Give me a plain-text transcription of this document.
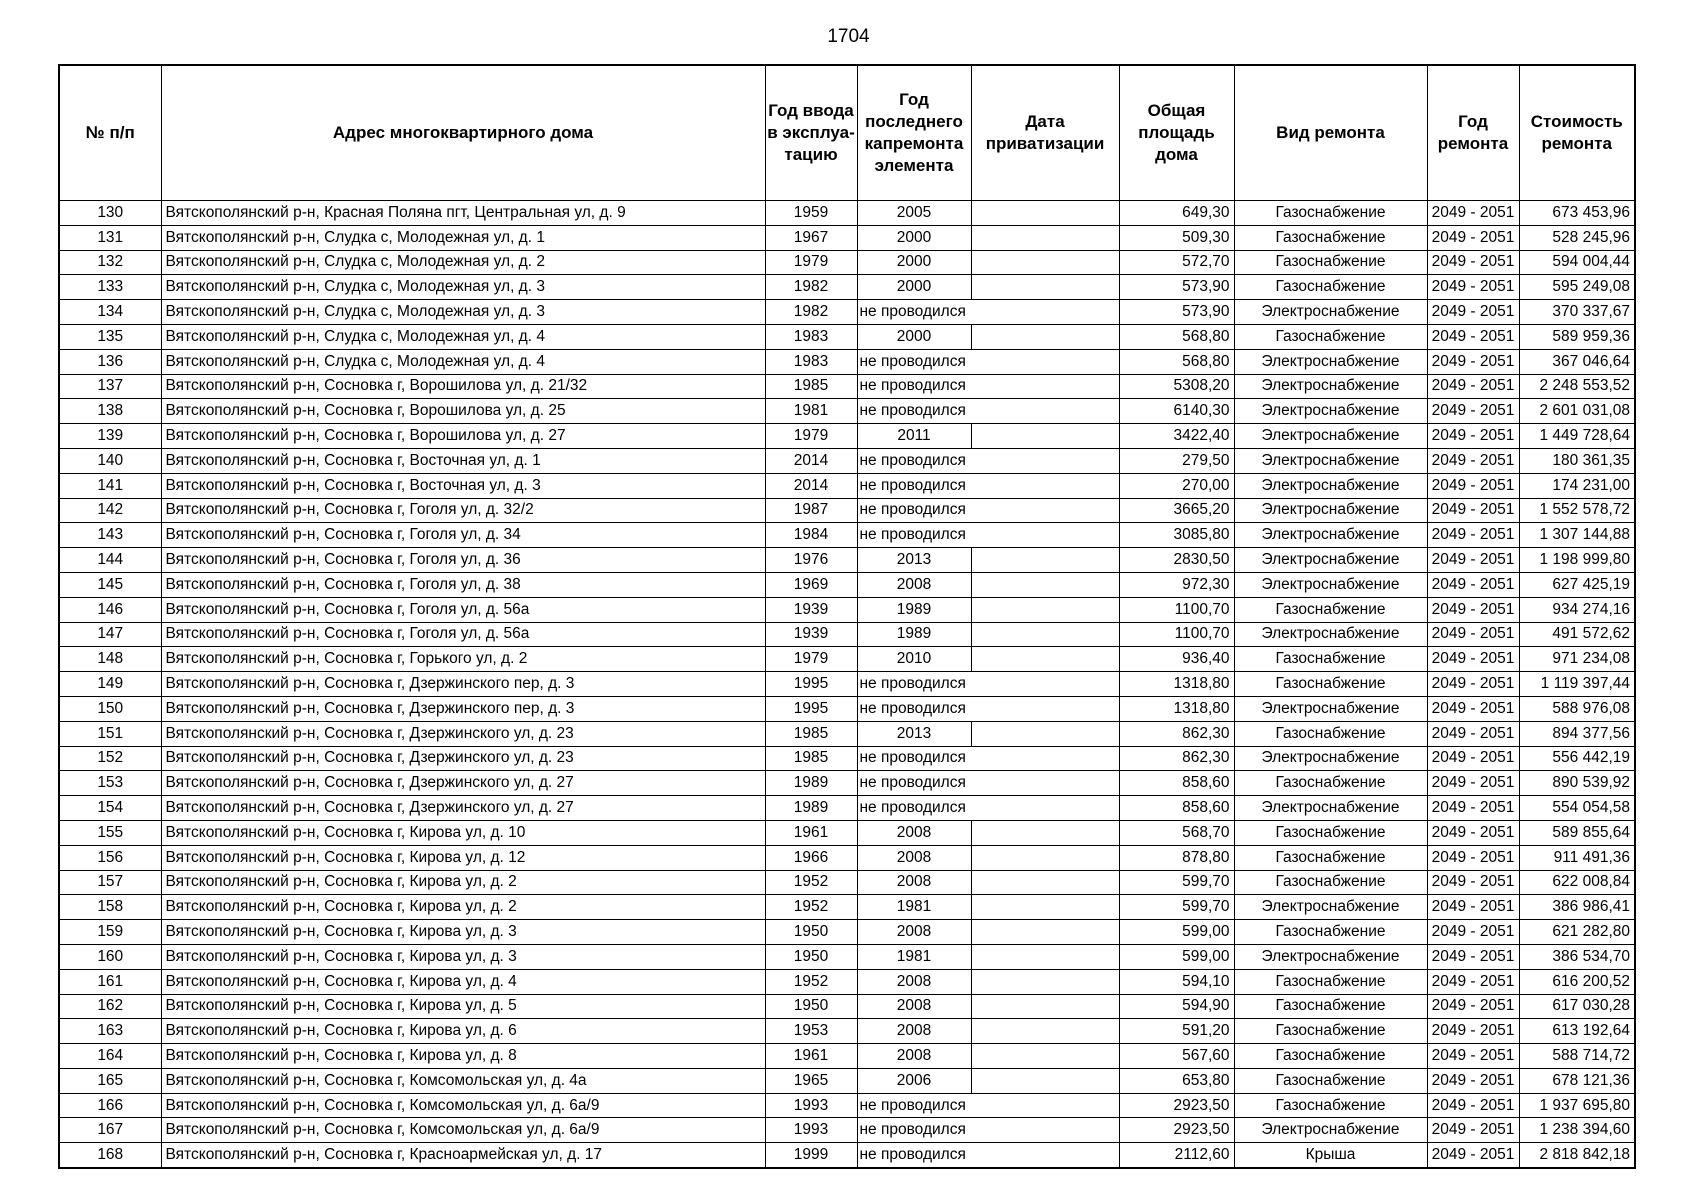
1704
№ п/п	Адрес многоквартирного дома	Год ввода в эксплуа-тацию	Год последнего капремонта элемента	Дата приватизации	Общая площадь дома	Вид ремонта	Год ремонта	Стоимость ремонта
130	Вятскополянский р-н, Красная Поляна пгт, Центральная ул, д. 9	1959	2005		649,30	Газоснабжение	2049 - 2051	673 453,96
131	Вятскополянский р-н, Слудка с, Молодежная ул, д. 1	1967	2000		509,30	Газоснабжение	2049 - 2051	528 245,96
132	Вятскополянский р-н, Слудка с, Молодежная ул, д. 2	1979	2000		572,70	Газоснабжение	2049 - 2051	594 004,44
133	Вятскополянский р-н, Слудка с, Молодежная ул, д. 3	1982	2000		573,90	Газоснабжение	2049 - 2051	595 249,08
134	Вятскополянский р-н, Слудка с, Молодежная ул, д. 3	1982	не проводился		573,90	Электроснабжение	2049 - 2051	370 337,67
135	Вятскополянский р-н, Слудка с, Молодежная ул, д. 4	1983	2000		568,80	Газоснабжение	2049 - 2051	589 959,36
136	Вятскополянский р-н, Слудка с, Молодежная ул, д. 4	1983	не проводился		568,80	Электроснабжение	2049 - 2051	367 046,64
137	Вятскополянский р-н, Сосновка г, Ворошилова ул, д. 21/32	1985	не проводился		5308,20	Электроснабжение	2049 - 2051	2 248 553,52
138	Вятскополянский р-н, Сосновка г, Ворошилова ул, д. 25	1981	не проводился		6140,30	Электроснабжение	2049 - 2051	2 601 031,08
139	Вятскополянский р-н, Сосновка г, Ворошилова ул, д. 27	1979	2011		3422,40	Электроснабжение	2049 - 2051	1 449 728,64
140	Вятскополянский р-н, Сосновка г, Восточная ул, д. 1	2014	не проводился		279,50	Электроснабжение	2049 - 2051	180 361,35
141	Вятскополянский р-н, Сосновка г, Восточная ул, д. 3	2014	не проводился		270,00	Электроснабжение	2049 - 2051	174 231,00
142	Вятскополянский р-н, Сосновка г, Гоголя ул, д. 32/2	1987	не проводился		3665,20	Электроснабжение	2049 - 2051	1 552 578,72
143	Вятскополянский р-н, Сосновка г, Гоголя ул, д. 34	1984	не проводился		3085,80	Электроснабжение	2049 - 2051	1 307 144,88
144	Вятскополянский р-н, Сосновка г, Гоголя ул, д. 36	1976	2013		2830,50	Электроснабжение	2049 - 2051	1 198 999,80
145	Вятскополянский р-н, Сосновка г, Гоголя ул, д. 38	1969	2008		972,30	Электроснабжение	2049 - 2051	627 425,19
146	Вятскополянский р-н, Сосновка г, Гоголя ул, д. 56а	1939	1989		1100,70	Газоснабжение	2049 - 2051	934 274,16
147	Вятскополянский р-н, Сосновка г, Гоголя ул, д. 56а	1939	1989		1100,70	Электроснабжение	2049 - 2051	491 572,62
148	Вятскополянский р-н, Сосновка г, Горького ул, д. 2	1979	2010		936,40	Газоснабжение	2049 - 2051	971 234,08
149	Вятскополянский р-н, Сосновка г, Дзержинского пер, д. 3	1995	не проводился		1318,80	Газоснабжение	2049 - 2051	1 119 397,44
150	Вятскополянский р-н, Сосновка г, Дзержинского пер, д. 3	1995	не проводился		1318,80	Электроснабжение	2049 - 2051	588 976,08
151	Вятскополянский р-н, Сосновка г, Дзержинского ул, д. 23	1985	2013		862,30	Газоснабжение	2049 - 2051	894 377,56
152	Вятскополянский р-н, Сосновка г, Дзержинского ул, д. 23	1985	не проводился		862,30	Электроснабжение	2049 - 2051	556 442,19
153	Вятскополянский р-н, Сосновка г, Дзержинского ул, д. 27	1989	не проводился		858,60	Газоснабжение	2049 - 2051	890 539,92
154	Вятскополянский р-н, Сосновка г, Дзержинского ул, д. 27	1989	не проводился		858,60	Электроснабжение	2049 - 2051	554 054,58
155	Вятскополянский р-н, Сосновка г, Кирова ул, д. 10	1961	2008		568,70	Газоснабжение	2049 - 2051	589 855,64
156	Вятскополянский р-н, Сосновка г, Кирова ул, д. 12	1966	2008		878,80	Газоснабжение	2049 - 2051	911 491,36
157	Вятскополянский р-н, Сосновка г, Кирова ул, д. 2	1952	2008		599,70	Газоснабжение	2049 - 2051	622 008,84
158	Вятскополянский р-н, Сосновка г, Кирова ул, д. 2	1952	1981		599,70	Электроснабжение	2049 - 2051	386 986,41
159	Вятскополянский р-н, Сосновка г, Кирова ул, д. 3	1950	2008		599,00	Газоснабжение	2049 - 2051	621 282,80
160	Вятскополянский р-н, Сосновка г, Кирова ул, д. 3	1950	1981		599,00	Электроснабжение	2049 - 2051	386 534,70
161	Вятскополянский р-н, Сосновка г, Кирова ул, д. 4	1952	2008		594,10	Газоснабжение	2049 - 2051	616 200,52
162	Вятскополянский р-н, Сосновка г, Кирова ул, д. 5	1950	2008		594,90	Газоснабжение	2049 - 2051	617 030,28
163	Вятскополянский р-н, Сосновка г, Кирова ул, д. 6	1953	2008		591,20	Газоснабжение	2049 - 2051	613 192,64
164	Вятскополянский р-н, Сосновка г, Кирова ул, д. 8	1961	2008		567,60	Газоснабжение	2049 - 2051	588 714,72
165	Вятскополянский р-н, Сосновка г, Комсомольская ул, д. 4а	1965	2006		653,80	Газоснабжение	2049 - 2051	678 121,36
166	Вятскополянский р-н, Сосновка г, Комсомольская ул, д. 6а/9	1993	не проводился		2923,50	Газоснабжение	2049 - 2051	1 937 695,80
167	Вятскополянский р-н, Сосновка г, Комсомольская ул, д. 6а/9	1993	не проводился		2923,50	Электроснабжение	2049 - 2051	1 238 394,60
168	Вятскополянский р-н, Сосновка г, Красноармейская ул, д. 17	1999	не проводился		2112,60	Крыша	2049 - 2051	2 818 842,18
